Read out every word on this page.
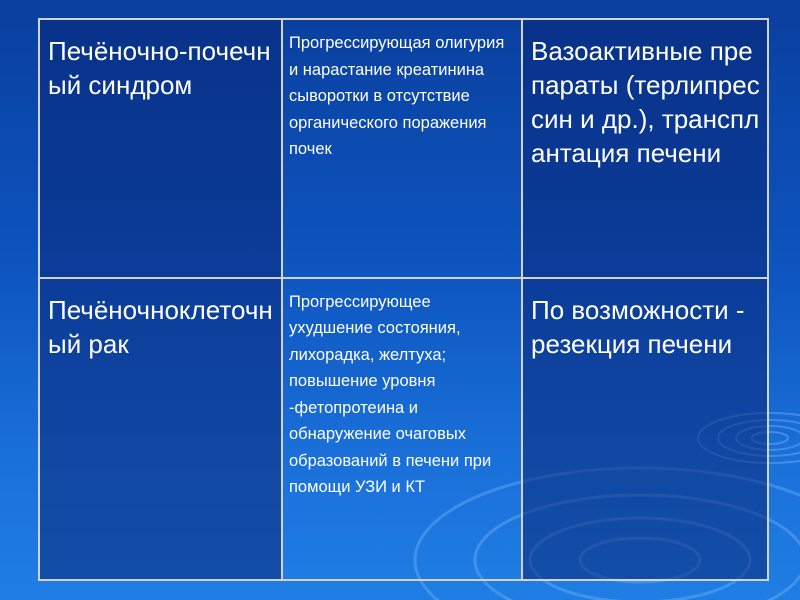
Печёночно-почечный синдром	Прогрессирующая олигурия и нарастание креатинина сыворотки в отсутствие органического поражения почек	Вазоактивные препараты (терлипрессин и др.), трансплантация печени

Печёночноклеточный рак	Прогрессирующее ухудшение состояния, лихорадка, желтуха; повышение уровня -фетопротеина и обнаружение очаговых образований в печени при помощи УЗИ и КТ	По возможности - резекция печени
